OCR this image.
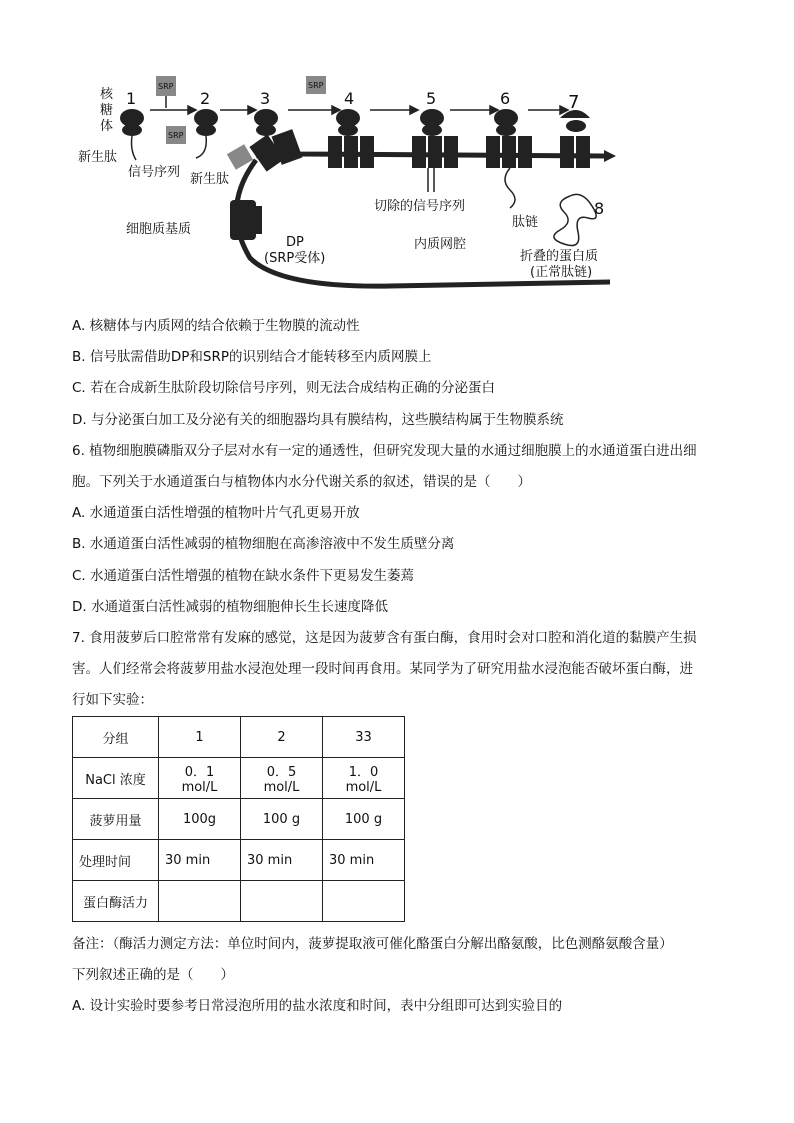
SRP
SRP
SRP
1	2	3	4	5	6	7
8
核
糖
体
新生肽
信号序列 新生肽
细胞质基质
DP
(SRP受体)
切除的信号序列
肽链
内质网腔
折叠的蛋白质
(正常肽链)
A. 核糖体与内质网的结合依赖于生物膜的流动性
B. 信号肽需借助DP和SRP的识别结合才能转移至内质网膜上
C. 若在合成新生肽阶段切除信号序列，则无法合成结构正确的分泌蛋白
D. 与分泌蛋白加工及分泌有关的细胞器均具有膜结构，这些膜结构属于生物膜系统
6. 植物细胞膜磷脂双分子层对水有一定的通透性，但研究发现大量的水通过细胞膜上的水通道蛋白进出细
胞。下列关于水通道蛋白与植物体内水分代谢关系的叙述，错误的是（　　）
A. 水通道蛋白活性增强的植物叶片气孔更易开放
B. 水通道蛋白活性减弱的植物细胞在高渗溶液中不发生质壁分离
C. 水通道蛋白活性增强的植物在缺水条件下更易发生萎蔫
D. 水通道蛋白活性减弱的植物细胞伸长生长速度降低
7. 食用菠萝后口腔常常有发麻的感觉，这是因为菠萝含有蛋白酶，食用时会对口腔和消化道的黏膜产生损
害。人们经常会将菠萝用盐水浸泡处理一段时间再食用。某同学为了研究用盐水浸泡能否破坏蛋白酶，进
行如下实验：
分组	1	2	33
NaCl 浓度	0．1 mol/L	0．5 mol/L	1．0 mol/L
菠萝用量	100g	100 g	100 g
处理时间	30 min	30 min	30 min
蛋白酶活力			
备注：（酶活力测定方法：单位时间内，菠萝提取液可催化酪蛋白分解出酪氨酸，比色测酪氨酸含量）
下列叙述正确的是（　　）
A. 设计实验时要参考日常浸泡所用的盐水浓度和时间，表中分组即可达到实验目的
